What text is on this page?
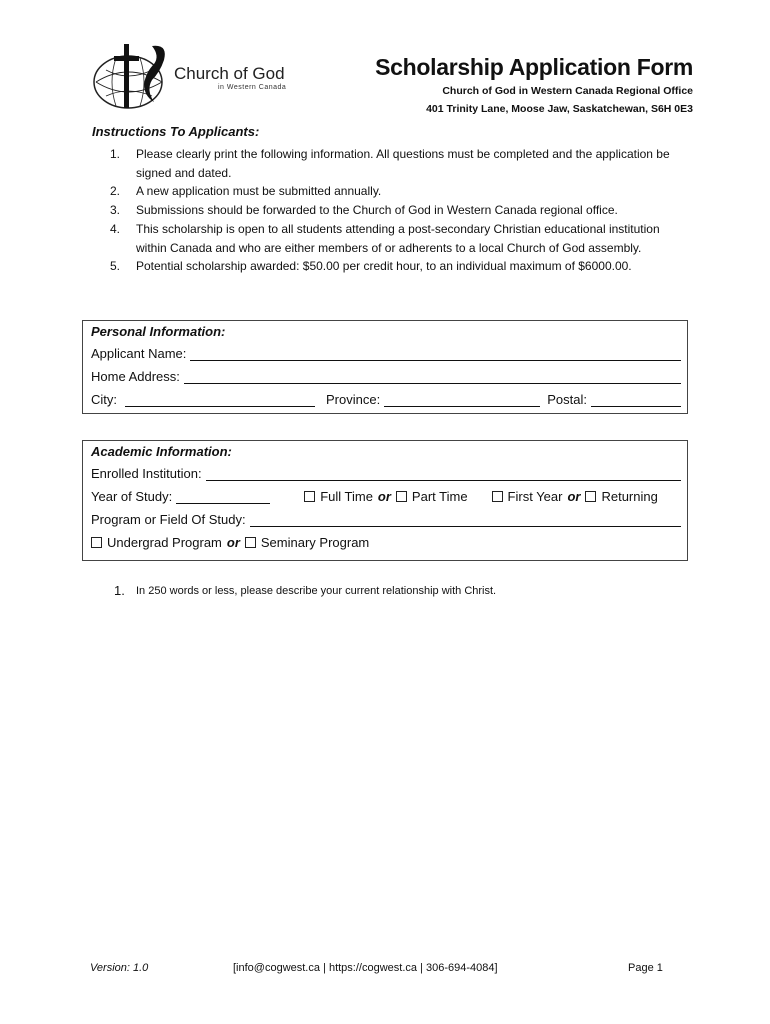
Church of God
in Western Canada
Scholarship Application Form
Church of God in Western Canada Regional Office
401 Trinity Lane, Moose Jaw, Saskatchewan, S6H 0E3
Instructions To Applicants:
1. Please clearly print the following information. All questions must be completed and the application be signed and dated.
2. A new application must be submitted annually.
3. Submissions should be forwarded to the Church of God in Western Canada regional office.
4. This scholarship is open to all students attending a post-secondary Christian educational institution within Canada and who are either members of or adherents to a local Church of God assembly.
5. Potential scholarship awarded: $50.00 per credit hour, to an individual maximum of $6000.00.
Personal Information:
Applicant Name:
Home Address:
City:	Province:	Postal:
Academic Information:
Enrolled Institution:
Year of Study:	Full Time or	Part Time	First Year or	Returning
Program or Field Of Study:
Undergrad Program or	Seminary Program
1. In 250 words or less, please describe your current relationship with Christ.
Version: 1.0	[info@cogwest.ca | https://cogwest.ca | 306-694-4084]	Page 1
